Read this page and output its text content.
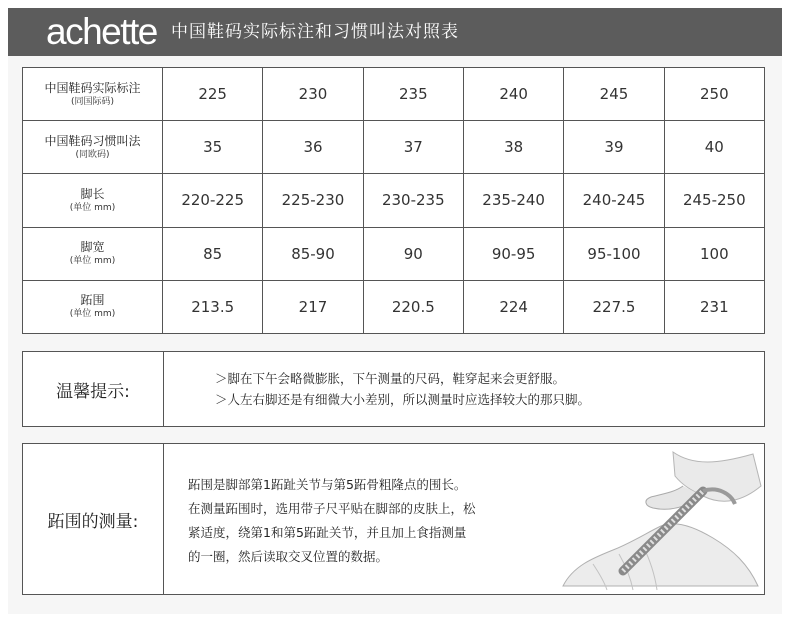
achette 中国鞋码实际标注和习惯叫法对照表
中国鞋码实际标注
(同国际码)	225	230	235	240	245	250
中国鞋码习惯叫法
(同欧码)	35	36	37	38	39	40
脚长
(单位 mm)	220-225	225-230	230-235	235-240	240-245	245-250
脚宽
(单位 mm)	85	85-90	90	90-95	95-100	100
跖围
(单位 mm)	213.5	217	220.5	224	227.5	231
温馨提示:
＞脚在下午会略微膨胀，下午测量的尺码，鞋穿起来会更舒服。
＞人左右脚还是有细微大小差别，所以测量时应选择较大的那只脚。
跖围的测量:
跖围是脚部第1跖趾关节与第5跖骨粗隆点的围长。
在测量跖围时，选用带子尺平贴在脚部的皮肤上，松
紧适度，绕第1和第5跖趾关节，并且加上食指测量
的一圈，然后读取交叉位置的数据。
